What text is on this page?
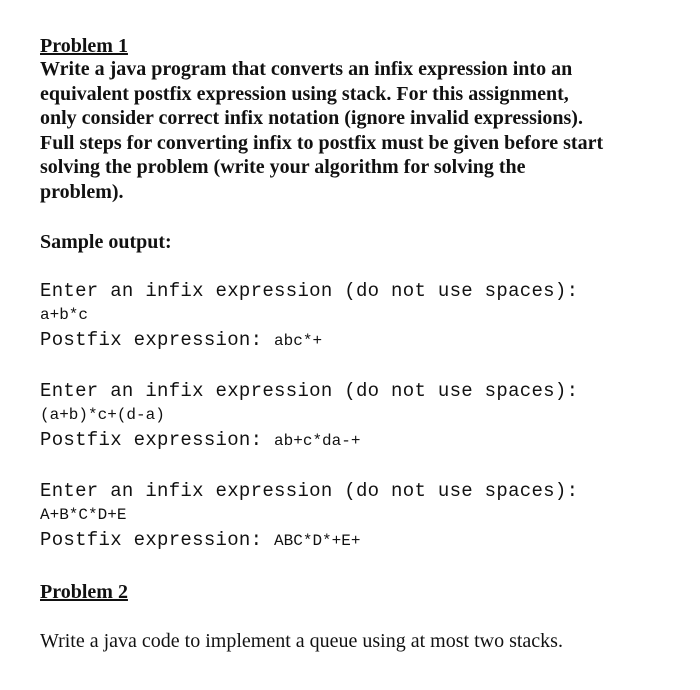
Problem 1
Write a java program that converts an infix expression into an
equivalent postfix expression using stack. For this assignment,
only consider correct infix notation (ignore invalid expressions).
Full steps for converting infix to postfix must be given before start
solving the problem (write your algorithm for solving the
problem).
Sample output:
Enter an infix expression (do not use spaces):
a+b*c
Postfix expression: abc*+
Enter an infix expression (do not use spaces):
(a+b)*c+(d-a)
Postfix expression: ab+c*da-+
Enter an infix expression (do not use spaces):
A+B*C*D+E
Postfix expression: ABC*D*+E+
Problem 2
Write a java code to implement a queue using at most two stacks.
